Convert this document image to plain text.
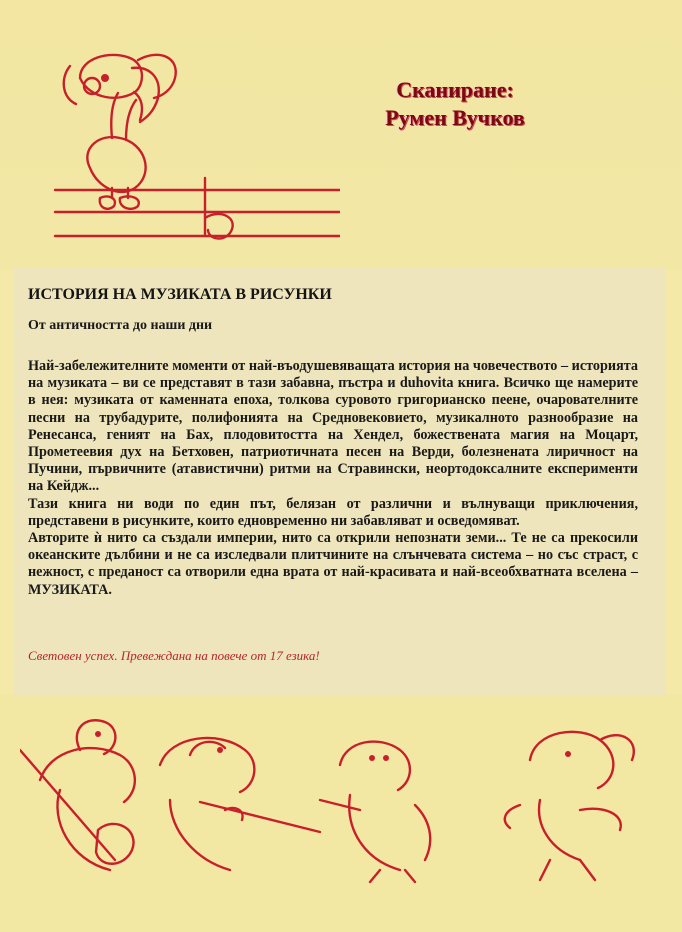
Сканиране:
Румен Вучков
ИСТОРИЯ НА МУЗИКАТА В РИСУНКИ
От античността до наши дни

Най-забележителните моменти от най-въодушевяващата история на човечеството – историята на музиката – ви се представят в тази забавна, пъстра и duhovita книга. Всичко ще намерите в нея: музиката от каменната епоха, толкова суровото григорианско пеене, очарователните песни на трубадурите, полифонията на Средновековието, музикалното разнообразие на Ренесанса, геният на Бах, плодовитостта на Хендел, божествената магия на Моцарт, Прометеевия дух на Бетховен, патриотичната песен на Верди, болезнената лиричност на Пучини, първичните (атавистични) ритми на Стравински, неортодоксалните експерименти на Кейдж...

Тази книга ни води по един път, белязан от различни и вълнуващи приключения, представени в рисунките, които едновременно ни забавляват и осведомяват.

Авторите ѝ нито са създали империи, нито са открили непознати земи... Те не са прекосили океанските дълбини и не са изследвали плитчините на слънчевата система – но със страст, с нежност, с преданост са отворили една врата от най-красивата и най-всеобхватната вселена – МУЗИКАТА.

Световен успех. Превеждана на повече от 17 езика!
